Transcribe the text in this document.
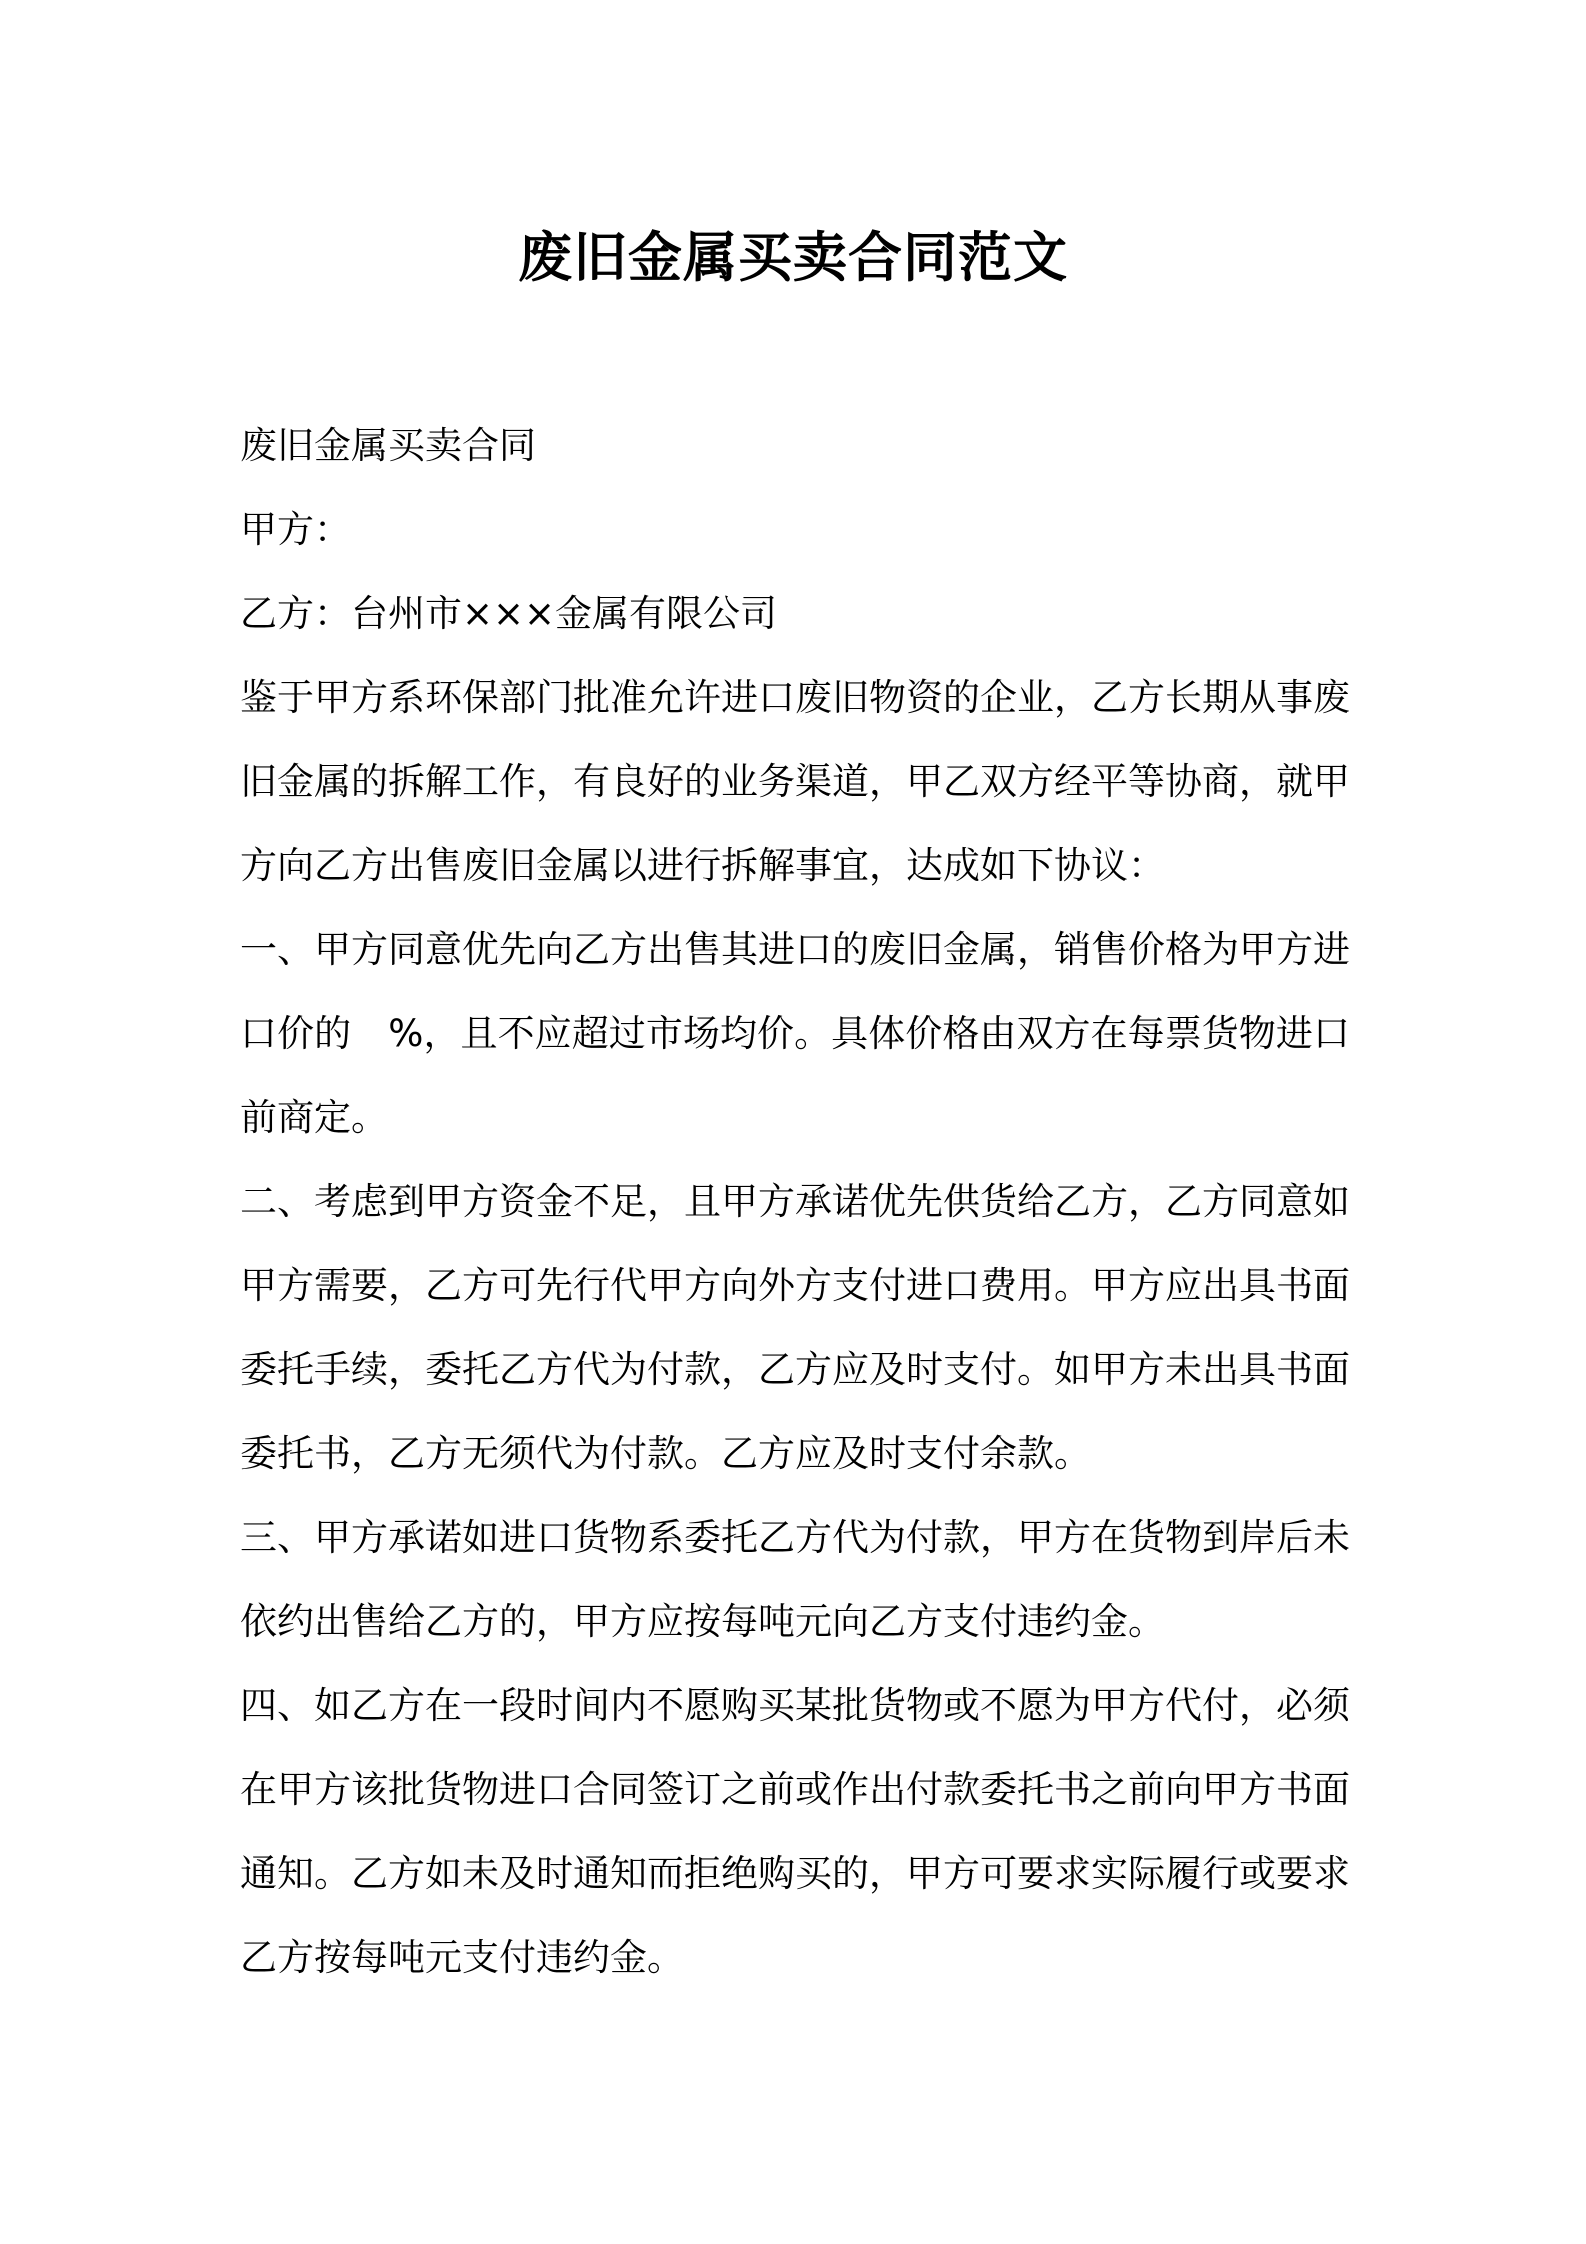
废旧金属买卖合同范文

废旧金属买卖合同

甲方：

乙方：台州市×××金属有限公司

鉴于甲方系环保部门批准允许进口废旧物资的企业，乙方长期从事废旧金属的拆解工作，有良好的业务渠道，甲乙双方经平等协商，就甲方向乙方出售废旧金属以进行拆解事宜，达成如下协议：

一、甲方同意优先向乙方出售其进口的废旧金属，销售价格为甲方进口价的　%，且不应超过市场均价。具体价格由双方在每票货物进口前商定。

二、考虑到甲方资金不足，且甲方承诺优先供货给乙方，乙方同意如甲方需要，乙方可先行代甲方向外方支付进口费用。甲方应出具书面委托手续，委托乙方代为付款，乙方应及时支付。如甲方未出具书面委托书，乙方无须代为付款。乙方应及时支付余款。

三、甲方承诺如进口货物系委托乙方代为付款，甲方在货物到岸后未依约出售给乙方的，甲方应按每吨元向乙方支付违约金。

四、如乙方在一段时间内不愿购买某批货物或不愿为甲方代付，必须在甲方该批货物进口合同签订之前或作出付款委托书之前向甲方书面通知。乙方如未及时通知而拒绝购买的，甲方可要求实际履行或要求乙方按每吨元支付违约金。
